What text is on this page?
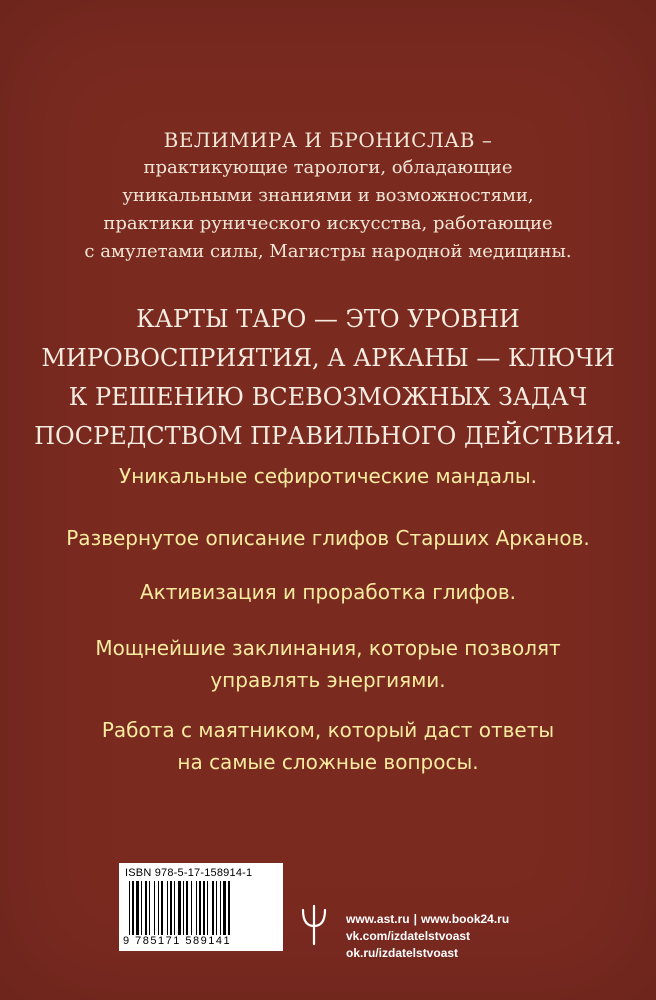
ВЕЛИМИРА И БРОНИСЛАВ –
практикующие тарологи, обладающие
уникальными знаниями и возможностями,
практики рунического искусства, работающие
с амулетами силы, Магистры народной медицины.
КАРТЫ ТАРО — ЭТО УРОВНИ
МИРОВОСПРИЯТИЯ, А АРКАНЫ — КЛЮЧИ
К РЕШЕНИЮ ВСЕВОЗМОЖНЫХ ЗАДАЧ
ПОСРЕДСТВОМ ПРАВИЛЬНОГО ДЕЙСТВИЯ.
Уникальные сефиротические мандалы.
Развернутое описание глифов Старших Арканов.
Активизация и проработка глифов.
Мощнейшие заклинания, которые позволят
управлять энергиями.
Работа с маятником, который даст ответы
на самые сложные вопросы.
ISBN 978-5-17-158914-1
9 785171 589141
www.ast.ru | www.book24.ru
vk.com/izdatelstvoast
ok.ru/izdatelstvoast
